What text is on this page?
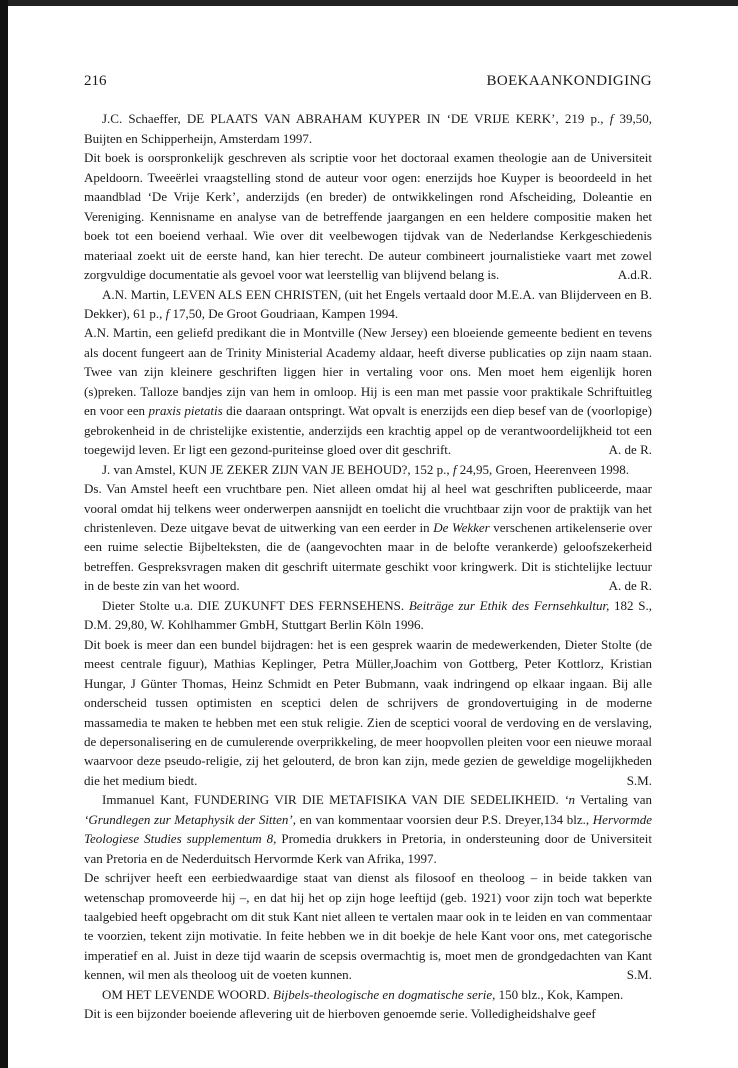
216	BOEKAANKONDIGING

J.C. Schaeffer, DE PLAATS VAN ABRAHAM KUYPER IN ‘DE VRIJE KERK’, 219 p., f 39,50, Buijten en Schipperheijn, Amsterdam 1997.

Dit boek is oorspronkelijk geschreven als scriptie voor het doctoraal examen theologie aan de Universiteit Apeldoorn. Tweeërlei vraagstelling stond de auteur voor ogen: enerzijds hoe Kuyper is beoordeeld in het maandblad ‘De Vrije Kerk’, anderzijds (en breder) de ontwikkelingen rond Afscheiding, Doleantie en Vereniging. Kennisname en analyse van de betreffende jaargangen en een heldere compositie maken het boek tot een boeiend verhaal. Wie over dit veelbewogen tijdvak van de Nederlandse Kerkgeschiedenis materiaal zoekt uit de eerste hand, kan hier terecht. De auteur combineert journalistieke vaart met zowel zorgvuldige documentatie als gevoel voor wat leerstellig van blijvend belang is.	A.d.R.

A.N. Martin, LEVEN ALS EEN CHRISTEN, (uit het Engels vertaald door M.E.A. van Blijderveen en B. Dekker), 61 p., f 17,50, De Groot Goudriaan, Kampen 1994.

A.N. Martin, een geliefd predikant die in Montville (New Jersey) een bloeiende gemeente bedient en tevens als docent fungeert aan de Trinity Ministerial Academy aldaar, heeft diverse publicaties op zijn naam staan. Twee van zijn kleinere geschriften liggen hier in vertaling voor ons. Men moet hem eigenlijk horen (s)preken. Talloze bandjes zijn van hem in omloop. Hij is een man met passie voor praktikale Schriftuitleg en voor een praxis pietatis die daaraan ontspringt. Wat opvalt is enerzijds een diep besef van de (voorlopige) gebrokenheid in de christelijke existentie, anderzijds een krachtig appel op de verantwoordelijkheid tot een toegewijd leven. Er ligt een gezond-puriteinse gloed over dit geschrift.	A. de R.

J. van Amstel, KUN JE ZEKER ZIJN VAN JE BEHOUD?, 152 p., f 24,95, Groen, Heerenveen 1998.

Ds. Van Amstel heeft een vruchtbare pen. Niet alleen omdat hij al heel wat geschriften publiceerde, maar vooral omdat hij telkens weer onderwerpen aansnijdt en toelicht die vruchtbaar zijn voor de praktijk van het christenleven. Deze uitgave bevat de uitwerking van een eerder in De Wekker verschenen artikelenserie over een ruime selectie Bijbelteksten, die de (aangevochten maar in de belofte verankerde) geloofszekerheid betreffen. Gespreksvragen maken dit geschrift uitermate geschikt voor kringwerk. Dit is stichtelijke lectuur in de beste zin van het woord.	A. de R.

Dieter Stolte u.a. DIE ZUKUNFT DES FERNSEHENS. Beiträge zur Ethik des Fernsehkultur, 182 S., D.M. 29,80, W. Kohlhammer GmbH, Stuttgart Berlin Köln 1996.

Dit boek is meer dan een bundel bijdragen: het is een gesprek waarin de medewerkenden, Dieter Stolte (de meest centrale figuur), Mathias Keplinger, Petra Müller,Joachim von Gottberg, Peter Kottlorz, Kristian Hungar, J Günter Thomas, Heinz Schmidt en Peter Bubmann, vaak indringend op elkaar ingaan. Bij alle onderscheid tussen optimisten en sceptici delen de schrijvers de grondovertuiging in de moderne massamedia te maken te hebben met een stuk religie. Zien de sceptici vooral de verdoving en de verslaving, de depersonalisering en de cumulerende overprikkeling, de meer hoopvollen pleiten voor een nieuwe moraal waarvoor deze pseudo-religie, zij het gelouterd, de bron kan zijn, mede gezien de geweldige mogelijkheden die het medium biedt.	S.M.

Immanuel Kant, FUNDERING VIR DIE METAFISIKA VAN DIE SEDELIKHEID. ‘n Vertaling van ‘Grundlegen zur Metaphysik der Sitten’, en van kommentaar voorsien deur P.S. Dreyer,134 blz., Hervormde Teologiese Studies supplementum 8, Promedia drukkers in Pretoria, in ondersteuning door de Universiteit van Pretoria en de Nederduitsch Hervormde Kerk van Afrika, 1997.

De schrijver heeft een eerbiedwaardige staat van dienst als filosoof en theoloog – in beide takken van wetenschap promoveerde hij –, en dat hij het op zijn hoge leeftijd (geb. 1921) voor zijn toch wat beperkte taalgebied heeft opgebracht om dit stuk Kant niet alleen te vertalen maar ook in te leiden en van commentaar te voorzien, tekent zijn motivatie. In feite hebben we in dit boekje de hele Kant voor ons, met categorische imperatief en al. Juist in deze tijd waarin de scepsis overmachtig is, moet men de grondgedachten van Kant kennen, wil men als theoloog uit de voeten kunnen.	S.M.

OM HET LEVENDE WOORD. Bijbels-theologische en dogmatische serie, 150 blz., Kok, Kampen.

Dit is een bijzonder boeiende aflevering uit de hierboven genoemde serie. Volledigheidshalve geef
